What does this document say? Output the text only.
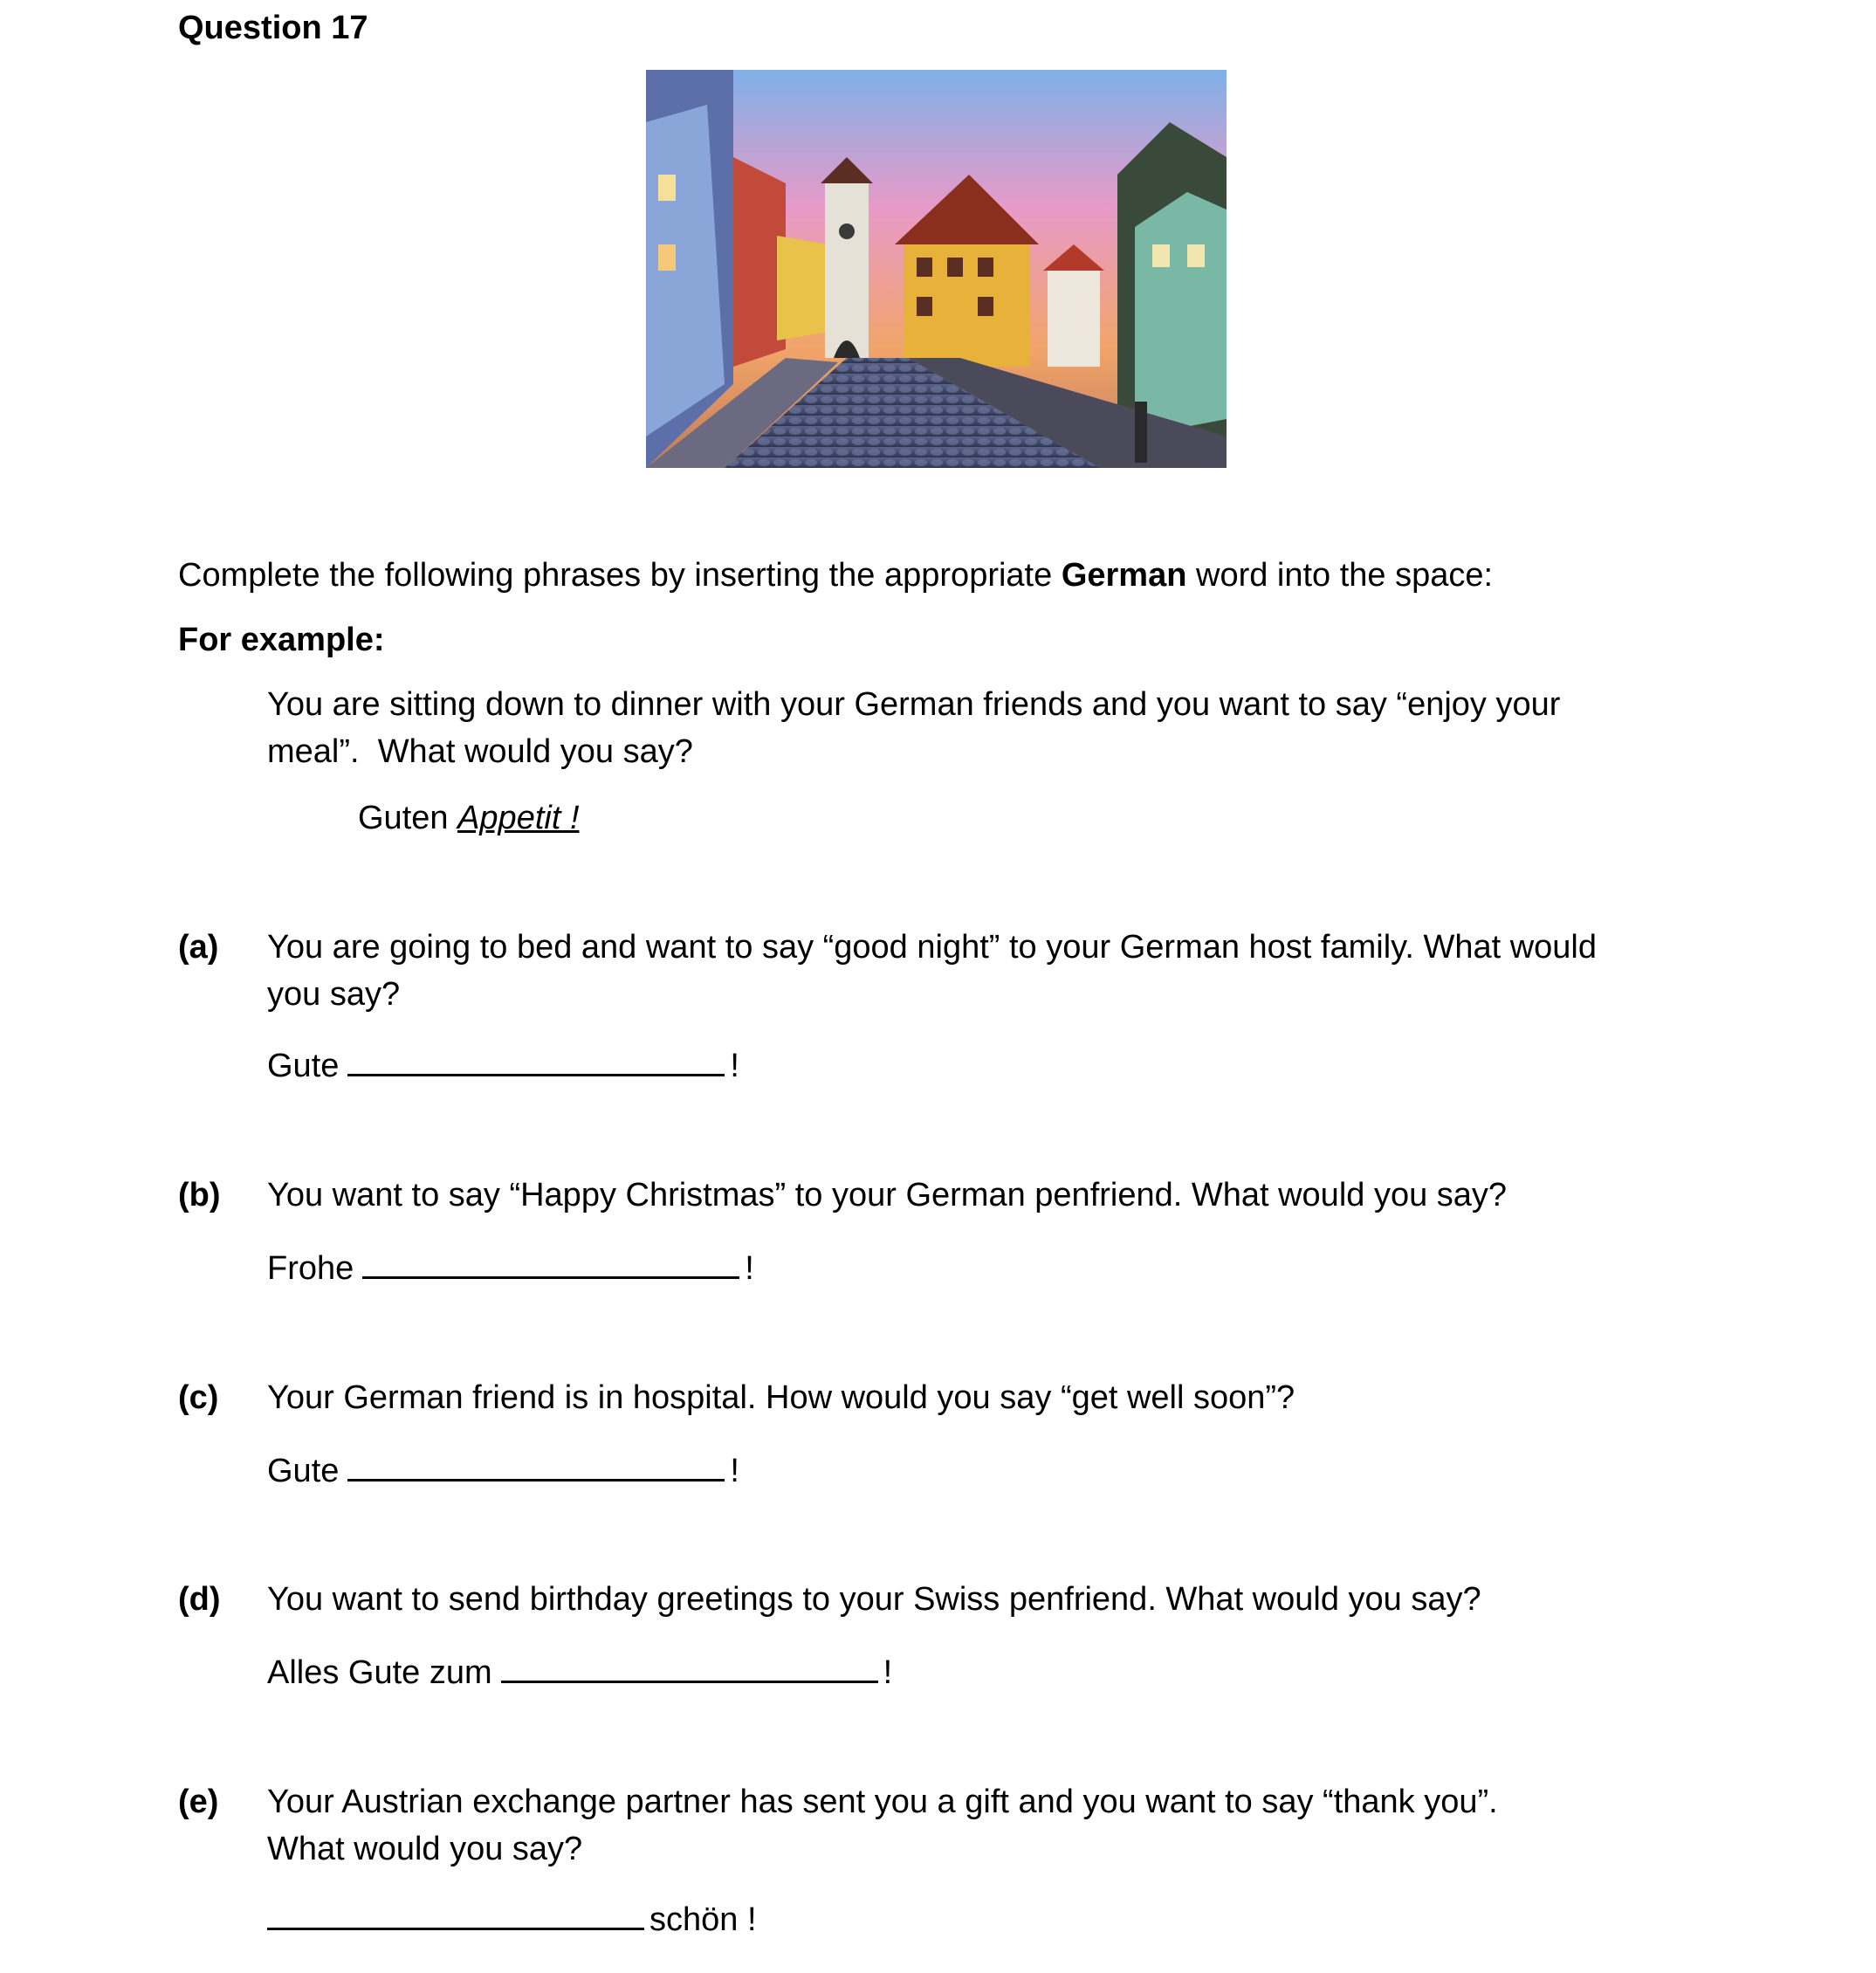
Question 17
Complete the following phrases by inserting the appropriate German word into the space:
For example:
You are sitting down to dinner with your German friends and you want to say “enjoy your
meal”.  What would you say?
Guten Appetit !
(a) You are going to bed and want to say “good night” to your German host family. What would
you say?
Gute	!
(b) You want to say “Happy Christmas” to your German penfriend. What would you say?
Frohe	!
(c) Your German friend is in hospital. How would you say “get well soon”?
Gute	!
(d) You want to send birthday greetings to your Swiss penfriend. What would you say?
Alles Gute zum	!
(e) Your Austrian exchange partner has sent you a gift and you want to say “thank you”.
What would you say?
schön !
